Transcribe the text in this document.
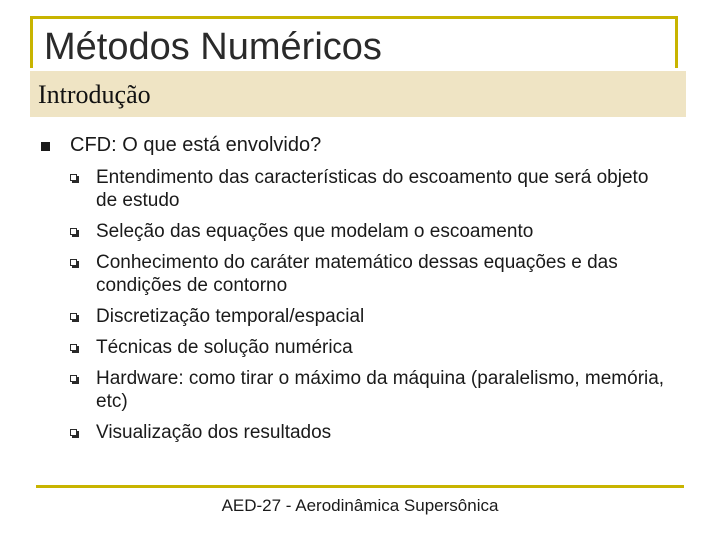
Métodos Numéricos
Introdução
CFD: O que está envolvido?
Entendimento das características do escoamento que será objeto de estudo
Seleção das equações que modelam o escoamento
Conhecimento do caráter matemático dessas equações e das condições de contorno
Discretização temporal/espacial
Técnicas de solução numérica
Hardware: como tirar o máximo da máquina (paralelismo, memória, etc)
Visualização dos resultados
AED-27 - Aerodinâmica Supersônica
